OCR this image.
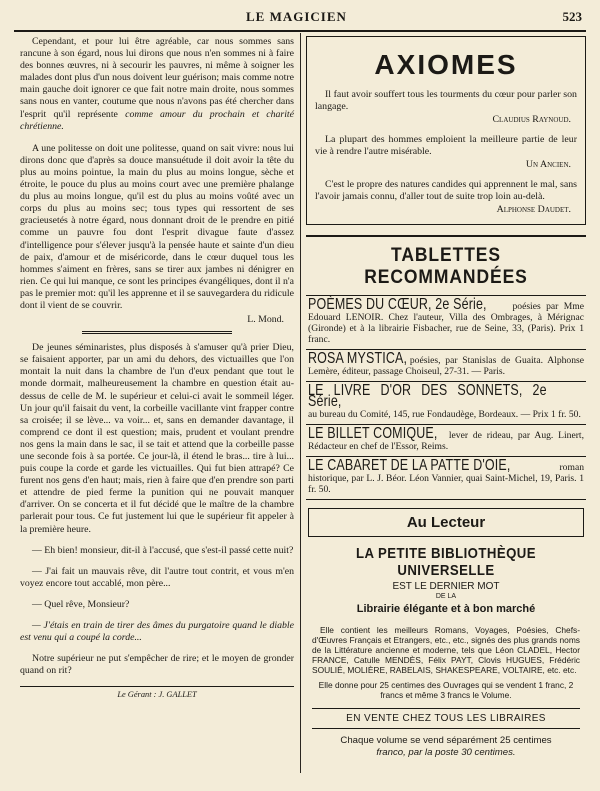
LE MAGICIEN	523

Cependant, et pour lui être agréable, car nous sommes sans rancune à son égard, nous lui dirons que nous n'en sommes ni à faire des bonnes œuvres, ni à secourir les pauvres, ni même à soigner les malades dont plus d'un nous doivent leur guérison; mais comme notre main gauche doit ignorer ce que fait notre main droite, nous sommes sans nous en vanter, coutume que nous n'avons pas été chercher dans l'esprit qu'il représente comme amour du prochain et charité chrétienne.

A une politesse on doit une politesse, quand on sait vivre: nous lui dirons donc que d'après sa douce mansuétude il doit avoir la tête du plus au moins pointue, la main du plus au moins longue, sèche et étroite, le pouce du plus au moins court avec une première phalange du plus au moins longue, qu'il est du plus au moins voûté avec un corps du plus au moins sec; tous types qui ressortent de ses gracieusetés à notre égard, nous donnant droit de le prendre en pitié comme un pauvre fou dont l'esprit divague faute d'assez d'intelligence pour s'élever jusqu'à la pensée haute et sainte d'un dieu de paix, d'amour et de miséricorde, dans le cœur duquel tous les hommes s'aiment en frères, sans se tirer aux jambes ni dénigrer en rien. Ce qui lui manque, ce sont les principes évangéliques, dont il n'a pas le premier mot: qu'il les apprenne et il se sauvegardera du ridicule dont il vient de se couvrir.

L. Mond.

De jeunes séminaristes, plus disposés à s'amuser qu'à prier Dieu, se faisaient apporter, par un ami du dehors, des victuailles que l'on montait la nuit dans la chambre de l'un d'eux pendant que tout le monde dormait, malheureusement la chambre en question était au-dessus de celle de M. le supérieur et celui-ci avait le sommeil léger. Un jour qu'il faisait du vent, la corbeille vacillante vint frapper contre sa croisée; il se lève... va voir... et, sans en demander davantage, il comprend ce dont il est question; mais, prudent et voulant prendre nos gens la main dans le sac, il se tait et attend que la corbeille passe une seconde fois à sa portée. Ce jour-là, il étend le bras... tire à lui... puis coupe la corde et garde les victuailles. Qui fut bien attrapé? Ce furent nos gens d'en haut; mais, rien à faire que d'en prendre son parti et attendre de pied ferme la punition qui ne pouvait manquer d'arriver. On se concerta et il fut décidé que le maître de la chambre parlerait pour tous. Ce fut justement lui que le supérieur fit appeler à la première heure.

— Eh bien! monsieur, dit-il à l'accusé, que s'est-il passé cette nuit?

— J'ai fait un mauvais rêve, dit l'autre tout contrit, et vous m'en voyez encore tout accablé, mon père...

— Quel rêve, Monsieur?

— J'étais en train de tirer des âmes du purgatoire quand le diable est venu qui a coupé la corde...

Notre supérieur ne put s'empêcher de rire; et le moyen de gronder quand on rit?

Le Gérant : J. GALLET
AXIOMES
Il faut avoir souffert tous les tourments du cœur pour parler son langage.
Claudius Raynoud.
La plupart des hommes emploient la meilleure partie de leur vie à rendre l'autre misérable.
Un Ancien.
C'est le propre des natures candides qui apprennent le mal, sans l'avoir jamais connu, d'aller tout de suite trop loin au-delà.
Alphonse Daudet.
TABLETTES RECOMMANDÉES
POÈMES DU CŒUR, 2e Série,	poésies par Mme Edouard LENOIR. Chez l'auteur, Villa des Ombrages, à Mérignac (Gironde) et à la librairie Fisbacher, rue de Seine, 33, (Paris). Prix 1 franc.
ROSA MYSTICA, poésies, par Stanislas de Guaita. Alphonse Lemère, éditeur, passage Choiseul, 27-31. — Paris.
LE LIVRE D'OR DES SONNETS, 2e Série, au bureau du Comité, 145, rue Fondaudège, Bordeaux. — Prix 1 fr. 50.
LE BILLET COMIQUE, lever de rideau, par Aug. Linert, Rédacteur en chef de l'Essor, Reims.
LE CABARET DE LA PATTE D'OIE,	roman historique, par L. J. Béor. Léon Vannier, quai Saint-Michel, 19, Paris. 1 fr. 50.
Au Lecteur
LA PETITE BIBLIOTHÈQUE UNIVERSELLE
EST LE DERNIER MOT
DE LA
Librairie élégante et à bon marché
Elle contient les meilleurs Romans, Voyages, Poésies, Chefs-d'Œuvres Français et Etrangers, etc., etc., signés des plus grands noms de la Littérature ancienne et moderne, tels que Léon CLADEL, Hector FRANCE, Catulle MENDÈS, Félix PAYT, Clovis HUGUES, Frédéric SOULIÉ, MOLIÈRE, RABELAIS, SHAKESPEARE, VOLTAIRE, etc. etc.
Elle donne pour 25 centimes des Ouvrages qui se vendent 1 franc, 2 francs et même 3 francs le Volume.
EN VENTE CHEZ TOUS LES LIBRAIRES
Chaque volume se vend séparément 25 centimes
franco, par la poste 30 centimes.
